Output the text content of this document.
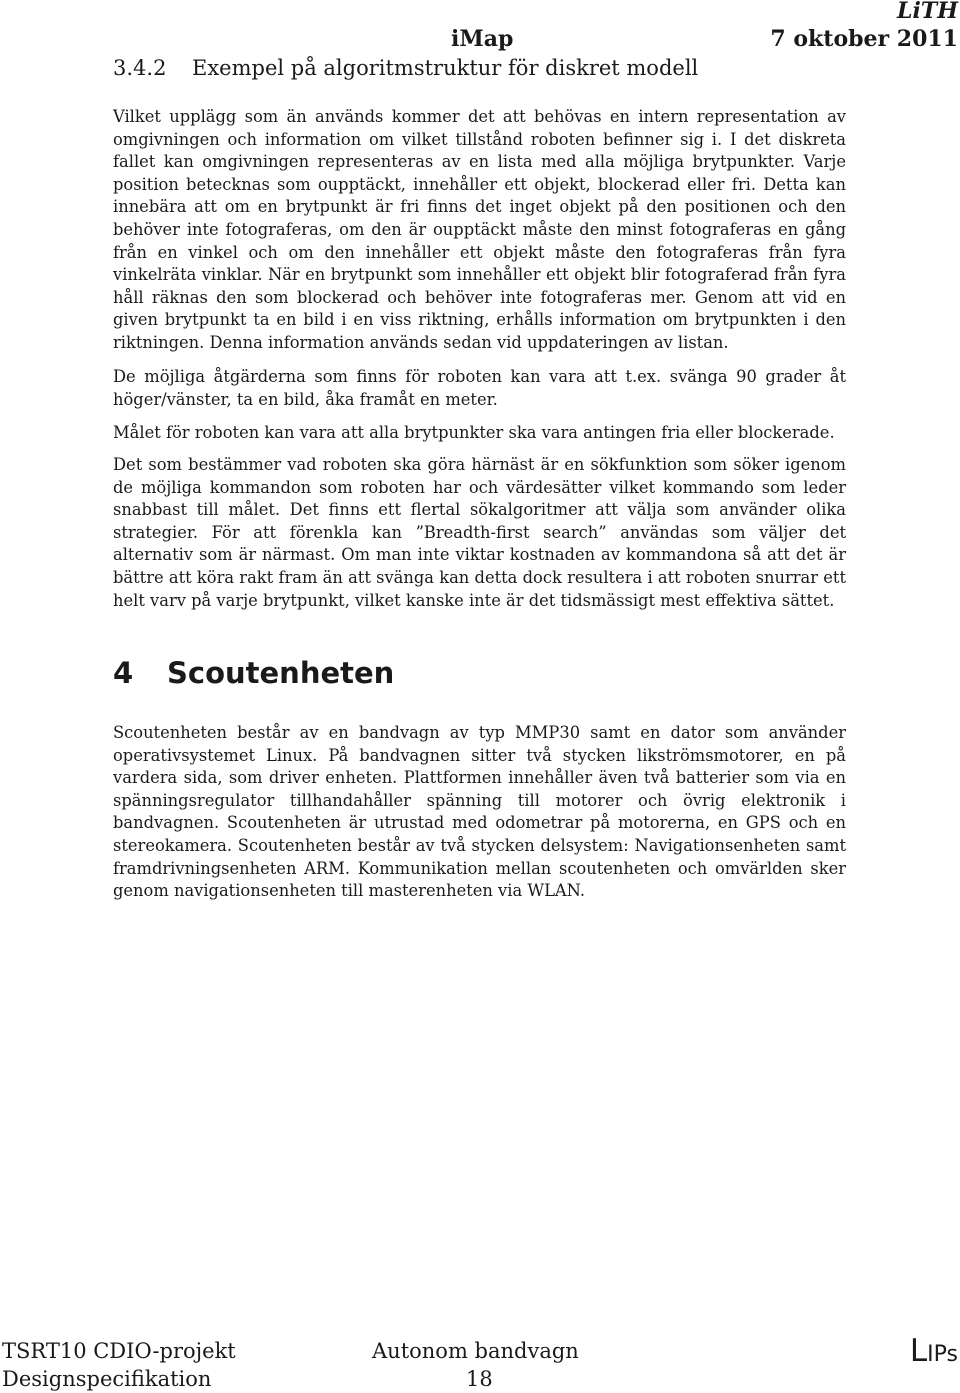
LiTH
iMap	7 oktober 2011
3.4.2 Exempel på algoritmstruktur för diskret modell

Vilket upplägg som än används kommer det att behövas en intern representation av omgivningen och information om vilket tillstånd roboten befinner sig i. I det diskreta fallet kan omgivningen representeras av en lista med alla möjliga brytpunkter. Varje position betecknas som oupptäckt, innehåller ett objekt, blockerad eller fri. Detta kan innebära att om en brytpunkt är fri finns det inget objekt på den positionen och den behöver inte fotograferas, om den är oupptäckt måste den minst fotograferas en gång från en vinkel och om den innehåller ett objekt måste den fotograferas från fyra vinkelräta vinklar. När en brytpunkt som innehåller ett objekt blir fotograferad från fyra håll räknas den som blockerad och behöver inte fotograferas mer. Genom att vid en given brytpunkt ta en bild i en viss riktning, erhålls information om brytpunkten i den riktningen. Denna information används sedan vid uppdateringen av listan.

De möjliga åtgärderna som finns för roboten kan vara att t.ex. svänga 90 grader åt höger/vänster, ta en bild, åka framåt en meter.

Målet för roboten kan vara att alla brytpunkter ska vara antingen fria eller blockerade.

Det som bestämmer vad roboten ska göra härnäst är en sökfunktion som söker igenom de möjliga kommandon som roboten har och värdesätter vilket kommando som leder snabbast till målet. Det finns ett flertal sökalgoritmer att välja som använder olika strategier. För att förenkla kan ”Breadth-first search” användas som väljer det alternativ som är närmast. Om man inte viktar kostnaden av kommandona så att det är bättre att köra rakt fram än att svänga kan detta dock resultera i att roboten snurrar ett helt varv på varje brytpunkt, vilket kanske inte är det tidsmässigt mest effektiva sättet.

4 Scoutenheten

Scoutenheten består av en bandvagn av typ MMP30 samt en dator som använder operativsystemet Linux. På bandvagnen sitter två stycken likströmsmotorer, en på vardera sida, som driver enheten. Plattformen innehåller även två batterier som via en spänningsregulator tillhandahåller spänning till motorer och övrig elektronik i bandvagnen. Scoutenheten är utrustad med odometrar på motorerna, en GPS och en stereokamera. Scoutenheten består av två stycken delsystem: Navigationsenheten samt framdrivningsenheten ARM. Kommunikation mellan scoutenheten och omvärlden sker genom navigationsenheten till masterenheten via WLAN.

TSRT10 CDIO-projekt
Designspecifikation
Autonom bandvagn
18
LIPs
